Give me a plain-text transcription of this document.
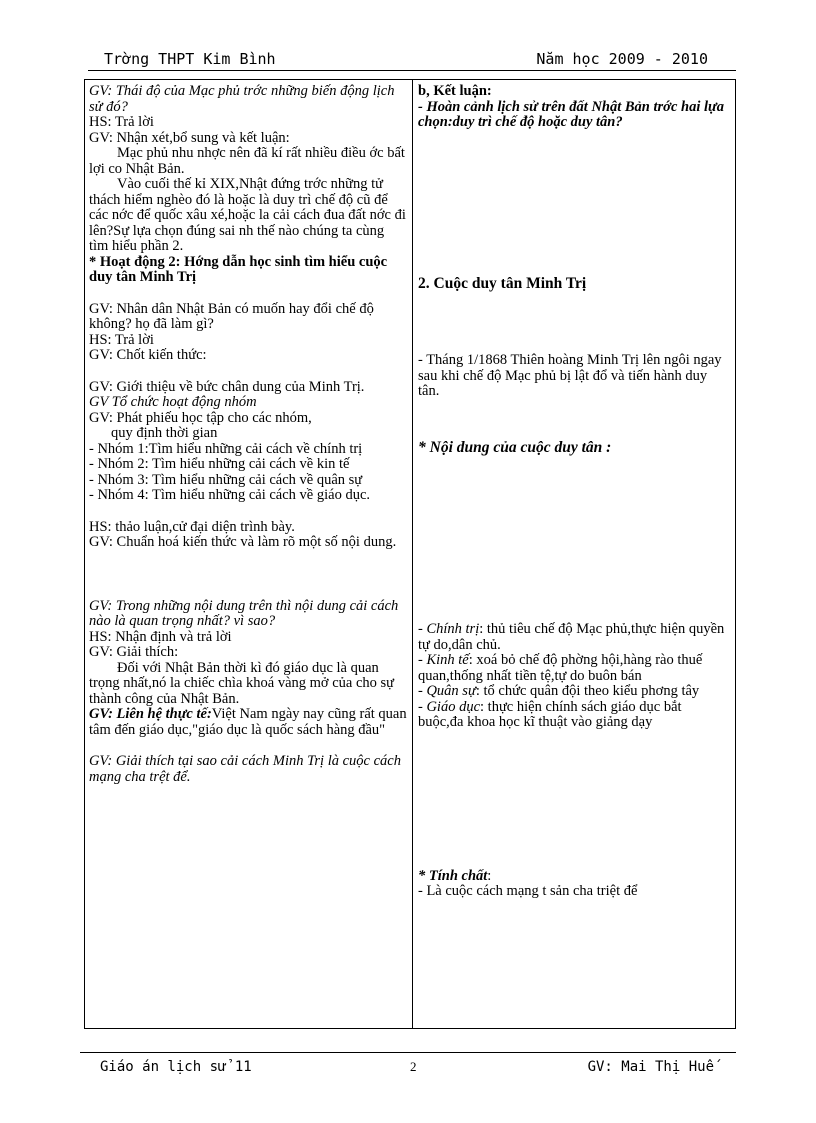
Trờng THPT Kim Bình	Năm học 2009 - 2010

GV: Thái độ của Mạc phủ trớc những biến động lịch sử đó?

HS: Trả lời

GV: Nhận xét,bổ sung và kết luận:

Mạc phủ nhu nhợc nên đã kí rất nhiều điều ớc bất lợi co Nhật Bản.

Vào cuối thế kỉ XIX,Nhật đứng trớc những tử thách hiểm nghèo đó là hoặc là duy trì chế độ cũ để các nớc để quốc xâu xé,hoặc la cải cách đua đất nớc đi lên?Sự lựa chọn đúng sai nh thế nào chúng ta cùng tìm hiểu phần 2.

* Hoạt động 2: Hớng dẫn học sinh tìm hiểu cuộc duy tân Minh Trị

GV: Nhân dân Nhật Bản có muốn hay đổi chế độ không? họ đã làm gì?

HS: Trả lời

GV: Chốt kiến thức:

GV: Giới thiệu về bức chân dung của Minh Trị.

GV Tổ chức hoạt động nhóm

GV: Phát phiếu học tập cho các nhóm,

quy định thời gian

- Nhóm 1:Tìm hiểu những cải cách về chính trị

- Nhóm 2: Tìm hiểu những cải cách về kin tế

- Nhóm 3: Tìm hiểu những cải cách về quân sự

- Nhóm 4: Tìm hiểu những cải cách về giáo dục.

HS: thảo luận,cử đại diện trình bày.

GV: Chuẩn hoá kiến thức và làm rõ một số nội dung.

GV: Trong những nội dung trên thì nội dung cải cách nào là quan trọng nhất? vì sao?

HS: Nhận định và trả lời

GV: Giải thích:

Đối với Nhật Bản thời kì đó giáo dục là quan trọng nhất,nó la chiếc chìa khoá vàng mở của cho sự thành công của Nhật Bản.

GV: Liên hệ thực tế:Việt Nam ngày nay cũng rất quan tâm đến giáo dục,"giáo dục là quốc sách hàng đầu"

GV: Giải thích tại sao cải cách Minh Trị là cuộc cách mạng cha trệt để.

b, Kết luận:

- Hoàn cảnh lịch sử trên đất Nhật Bản trớc hai lựa chọn:duy trì chế độ hoặc duy tân?

2. Cuộc duy tân Minh Trị

- Tháng 1/1868 Thiên hoàng Minh Trị lên ngôi ngay sau khi chế độ Mạc phủ bị lật đổ và tiến hành duy tân.

* Nội dung của cuộc duy tân :

- Chính trị: thủ tiêu chế độ Mạc phủ,thực hiện quyền tự do,dân chủ.

- Kinh tế: xoá bỏ chế độ phờng hội,hàng rào thuế quan,thống nhất tiền tệ,tự do buôn bán

- Quân sự: tổ chức quân đội theo kiểu phơng tây

- Giáo dục: thực hiện chính sách giáo dục bắt buộc,đa khoa học kĩ thuật vào giảng dạy

* Tính chất:

- Là cuộc cách mạng t sản cha triệt để

Giáo án lịch sử 11	2	GV: Mai Thị Huế
